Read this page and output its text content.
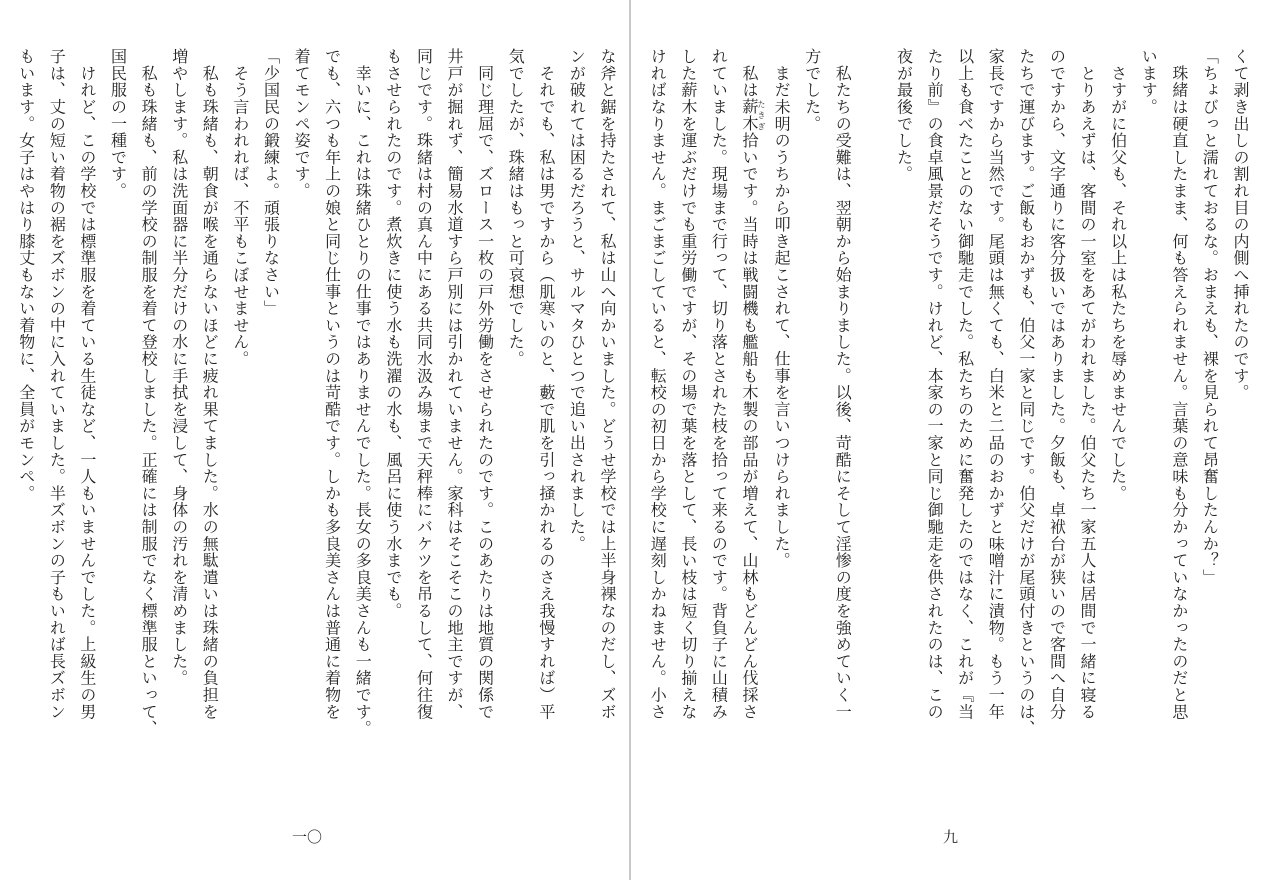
な斧と鋸を持たされて、私は山へ向かいました。どうせ学校では上半身裸なのだし、ズボ
ンが破れては困るだろうと、サルマタひとつで追い出されました。
　それでも、私は男ですから（肌寒いのと、藪で肌を引っ掻かれるのさえ我慢すれば）平
気でしたが、珠緒はもっと可哀想でした。
　同じ理屈で、ズロース一枚の戸外労働をさせられたのです。このあたりは地質の関係で
井戸が掘れず、簡易水道すら戸別には引かれていません。家科はそこそこの地主ですが、
同じです。珠緒は村の真ん中にある共同水汲み場まで天秤棒にバケツを吊るして、何往復
もさせられたのです。煮炊きに使う水も洗濯の水も、風呂に使う水までも。
　幸いに、これは珠緒ひとりの仕事ではありませんでした。長女の多良美さんも一緒です。
でも、六つも年上の娘と同じ仕事というのは苛酷です。しかも多良美さんは普通に着物を
着てモンペ姿です。
「少国民の鍛練よ。頑張りなさい」
　そう言われれば、不平もこぼせません。
　私も珠緒も、朝食が喉を通らないほどに疲れ果てました。水の無駄遣いは珠緒の負担を
増やします。私は洗面器に半分だけの水に手拭を浸して、身体の汚れを清めました。
　私も珠緒も、前の学校の制服を着て登校しました。正確には制服でなく標準服といって、
国民服の一種です。
　けれど、この学校では標準服を着ている生徒など、一人もいませんでした。上級生の男
子は、丈の短い着物の裾をズボンの中に入れていました。半ズボンの子もいれば長ズボン
もいます。女子はやはり膝丈もない着物に、全員がモンペ。
一〇
くて剥き出しの割れ目の内側へ挿れたのです。
「ちょびっと濡れておるな。おまえも、裸を見られて昂奮したんか？」
　珠緒は硬直したまま、何も答えられません。言葉の意味も分かっていなかったのだと思
います。
　さすがに伯父も、それ以上は私たちを辱めませんでした。
　とりあえずは、客間の一室をあてがわれました。伯父たち一家五人は居間で一緒に寝る
のですから、文字通りに客分扱いではありました。夕飯も、卓袱台が狭いので客間へ自分
たちで運びます。ご飯もおかずも、伯父一家と同じです。伯父だけが尾頭付きというのは、
家長ですから当然です。尾頭は無くても、白米と二品のおかずと味噌汁に漬物。もう一年
以上も食べたことのない御馳走でした。私たちのために奮発したのではなく、これが『当
たり前』の食卓風景だそうです。けれど、本家の一家と同じ御馳走を供されたのは、この
夜が最後でした。
　私たちの受難は、翌朝から始まりました。以後、苛酷にそして淫惨の度を強めていく一
方でした。
　まだ未明のうちから叩き起こされて、仕事を言いつけられました。
　私は薪木たきぎ拾いです。当時は戦闘機も艦船も木製の部品が増えて、山林もどんどん伐採さ
れていました。現場まで行って、切り落とされた枝を拾って来るのです。背負子に山積み
した薪木を運ぶだけでも重労働ですが、その場で葉を落として、長い枝は短く切り揃えな
ければなりません。まごまごしていると、転校の初日から学校に遅刻しかねません。小さ
九
